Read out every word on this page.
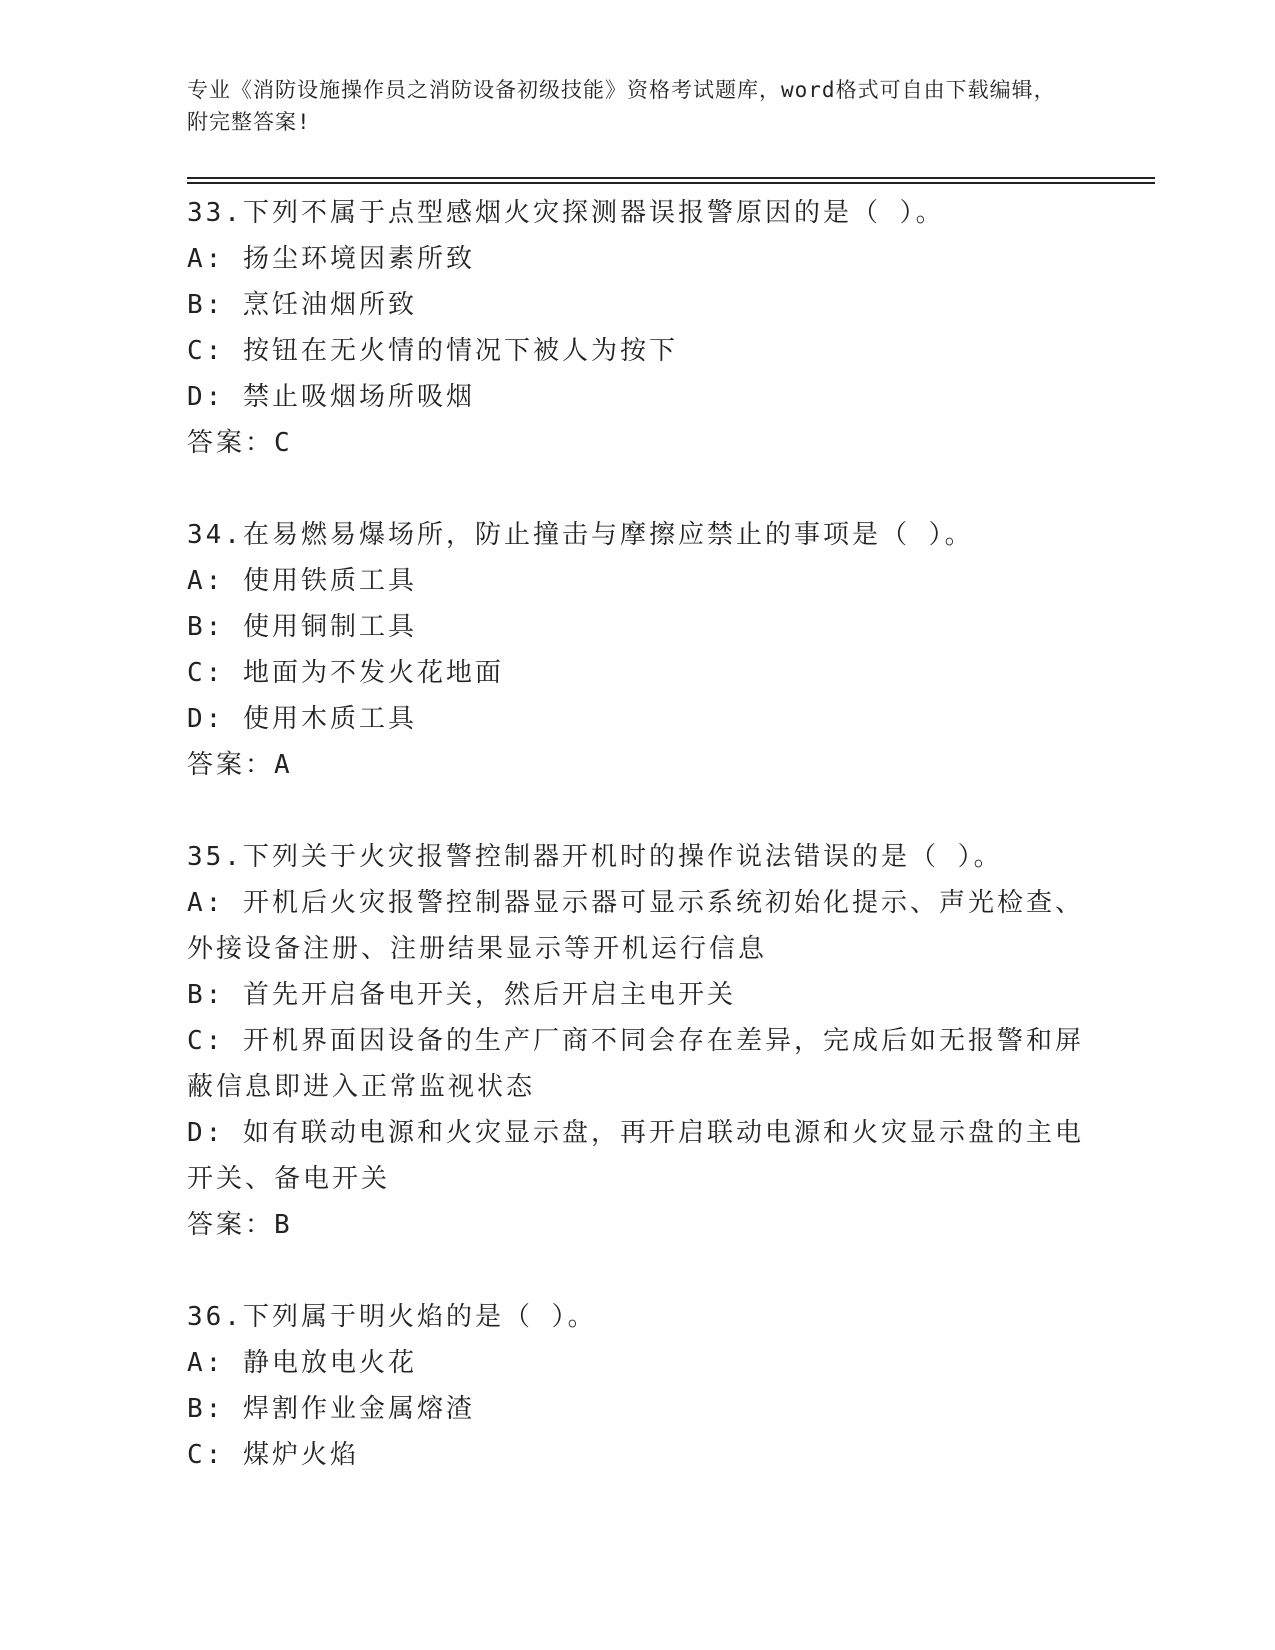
专业《消防设施操作员之消防设备初级技能》资格考试题库，word格式可自由下载编辑，附完整答案!
33.下列不属于点型感烟火灾探测器误报警原因的是（ ）。
A: 扬尘环境因素所致
B: 烹饪油烟所致
C: 按钮在无火情的情况下被人为按下
D: 禁止吸烟场所吸烟
答案：C
34.在易燃易爆场所，防止撞击与摩擦应禁止的事项是（ ）。
A: 使用铁质工具
B: 使用铜制工具
C: 地面为不发火花地面
D: 使用木质工具
答案：A
35.下列关于火灾报警控制器开机时的操作说法错误的是（ ）。
A: 开机后火灾报警控制器显示器可显示系统初始化提示、声光检查、外接设备注册、注册结果显示等开机运行信息
B: 首先开启备电开关，然后开启主电开关
C: 开机界面因设备的生产厂商不同会存在差异，完成后如无报警和屏蔽信息即进入正常监视状态
D: 如有联动电源和火灾显示盘，再开启联动电源和火灾显示盘的主电开关、备电开关
答案：B
36.下列属于明火焰的是（ ）。
A: 静电放电火花
B: 焊割作业金属熔渣
C: 煤炉火焰
